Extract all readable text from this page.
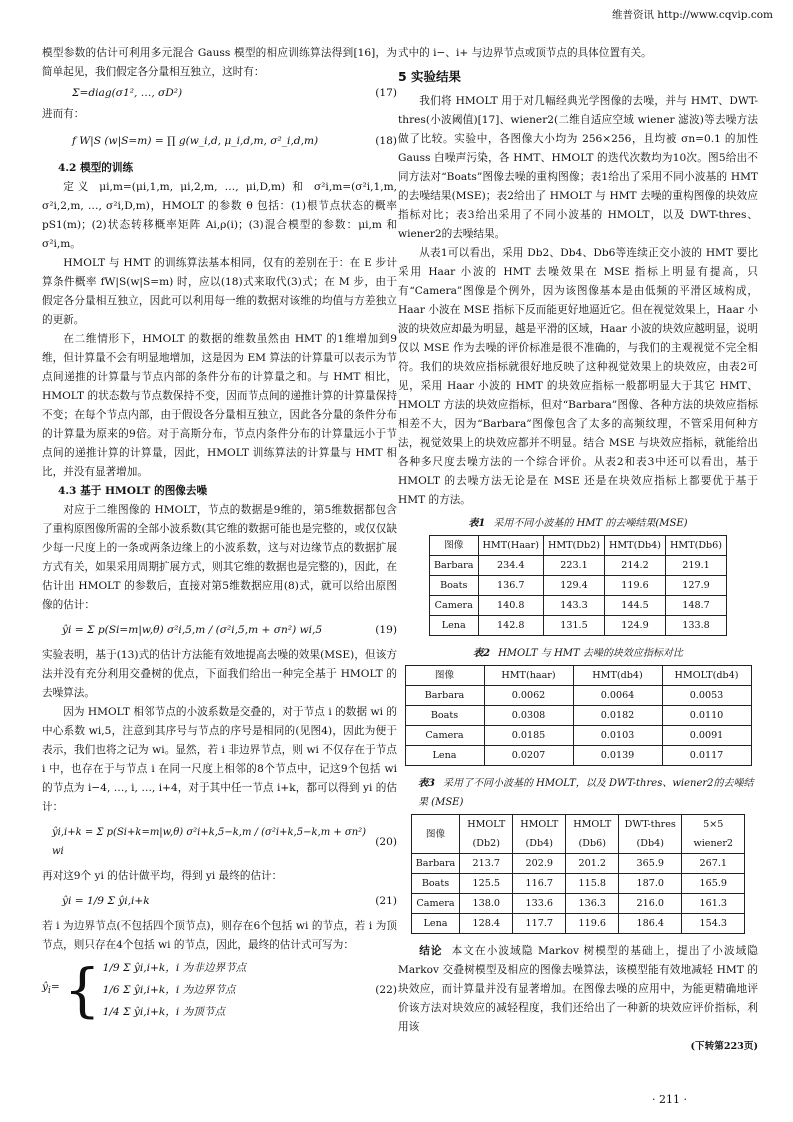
维普资讯 http://www.cqvip.com

模型参数的估计可利用多元混合 Gauss 模型的相应训练算法得到[16]，为简单起见，我们假定各分量相互独立，这时有：

Σ=diag(σ1², …, σD²)	(17)

进而有：

f W|S (w|S=m) = ∏ g(w_i,d, μ_i,d,m, σ²_i,d,m)	(18)

4.2 模型的训练

定义 μi,m=(μi,1,m, μi,2,m, …, μi,D,m) 和 σ²i,m=(σ²i,1,m, σ²i,2,m, …, σ²i,D,m)，HMOLT 的参数 θ 包括：(1)根节点状态的概率 pS1(m)；(2)状态转移概率矩阵 Ai,ρ(i)；(3)混合模型的参数：μi,m 和 σ²i,m。

HMOLT 与 HMT 的训练算法基本相同，仅有的差别在于：在 E 步计算条件概率 fW|S(w|S=m) 时，应以(18)式来取代(3)式；在 M 步，由于假定各分量相互独立，因此可以利用每一维的数据对该维的均值与方差独立的更新。

在二维情形下，HMOLT 的数据的维数虽然由 HMT 的1维增加到9维，但计算量不会有明显地增加，这是因为 EM 算法的计算量可以表示为节点间递推的计算量与节点内部的条件分布的计算量之和。与 HMT 相比，HMOLT 的状态数与节点数保持不变，因而节点间的递推计算的计算量保持不变；在每个节点内部，由于假设各分量相互独立，因此各分量的条件分布的计算量为原来的9倍。对于高斯分布，节点内条件分布的计算量远小于节点间的递推计算的计算量，因此，HMOLT 训练算法的计算量与 HMT 相比，并没有显著增加。

4.3 基于 HMOLT 的图像去噪

对应于二维图像的 HMOLT，节点的数据是9维的，第5维数据都包含了重构原图像所需的全部小波系数(其它维的数据可能也是完整的，或仅仅缺少每一尺度上的一条或两条边缘上的小波系数，这与对边缘节点的数据扩展方式有关，如果采用周期扩展方式，则其它维的数据也是完整的)，因此，在估计出 HMOLT 的参数后，直接对第5维数据应用(8)式，就可以给出原图像的估计：

ŷi = Σ p(Si=m|w,θ) σ²i,5,m / (σ²i,5,m + σn²) wi,5	(19)

实验表明，基于(13)式的估计方法能有效地提高去噪的效果(MSE)，但该方法并没有充分利用交叠树的优点，下面我们给出一种完全基于 HMOLT 的去噪算法。

因为 HMOLT 相邻节点的小波系数是交叠的，对于节点 i 的数据 wi 的中心系数 wi,5，注意到其序号与节点的序号是相同的(见图4)，因此为便于表示，我们也将之记为 wi。显然，若 i 非边界节点，则 wi 不仅存在于节点 i 中，也存在于与节点 i 在同一尺度上相邻的8个节点中，记这9个包括 wi 的节点为 i−4, …, i, …, i+4，对于其中任一节点 i+k，都可以得到 yi 的估计：

ŷi,i+k = Σ p(Si+k=m|w,θ) σ²i+k,5−k,m / (σ²i+k,5−k,m + σn²) wi
(20)

再对这9个 yi 的估计做平均，得到 yi 最终的估计：

ŷi = 1/9 Σ ŷi,i+k	(21)

若 i 为边界节点(不包括四个顶节点)，则存在6个包括 wi 的节点，若 i 为顶节点，则只存在4个包括 wi 的节点，因此，最终的估计式可写为：

$ŷ_i=$ { 1/9 Σ ŷi,i+k，i 为非边界节点
1/6 Σ ŷi,i+k，i 为边界节点
1/4 Σ ŷi,i+k，i 为顶节点
(22)

式中的 i−、i+ 与边界节点或顶节点的具体位置有关。

5 实验结果

我们将 HMOLT 用于对几幅经典光学图像的去噪，并与 HMT、DWT-thres(小波阈值)[17]、wiener2(二维自适应空域 wiener 滤波)等去噪方法做了比较。实验中，各图像大小均为 256×256，且均被 σn=0.1 的加性 Gauss 白噪声污染，各 HMT、HMOLT 的迭代次数均为10次。图5给出不同方法对“Boats”图像去噪的重构图像；表1给出了采用不同小波基的 HMT 的去噪结果(MSE)；表2给出了 HMOLT 与 HMT 去噪的重构图像的块效应指标对比；表3给出采用了不同小波基的 HMOLT，以及 DWT-thres、wiener2的去噪结果。

从表1可以看出，采用 Db2、Db4、Db6等连续正交小波的 HMT 要比采用 Haar 小波的 HMT 去噪效果在 MSE 指标上明显有提高，只有“Camera”图像是个例外，因为该图像基本是由低频的平滑区域构成，Haar 小波在 MSE 指标下反而能更好地逼近它。但在视觉效果上，Haar 小波的块效应却最为明显，越是平滑的区域，Haar 小波的块效应越明显，说明仅以 MSE 作为去噪的评价标准是很不准确的，与我们的主观视觉不完全相符。我们的块效应指标就很好地反映了这种视觉效果上的块效应，由表2可见，采用 Haar 小波的 HMT 的块效应指标一般都明显大于其它 HMT、HMOLT 方法的块效应指标，但对“Barbara”图像、各种方法的块效应指标相差不大，因为“Barbara”图像包含了太多的高频纹理，不管采用何种方法，视觉效果上的块效应都并不明显。结合 MSE 与块效应指标，就能给出各种多尺度去噪方法的一个综合评价。从表2和表3中还可以看出，基于 HMOLT 的去噪方法无论是在 MSE 还是在块效应指标上都要优于基于 HMT 的方法。

表1 采用不同小波基的 HMT 的去噪结果(MSE)
图像	HMT(Haar)	HMT(Db2)	HMT(Db4)	HMT(Db6)
Barbara	234.4	223.1	214.2	219.1
Boats	136.7	129.4	119.6	127.9
Camera	140.8	143.3	144.5	148.7
Lena	142.8	131.5	124.9	133.8
表2 HMOLT 与 HMT 去噪的块效应指标对比
图像	HMT(haar)	HMT(db4)	HMOLT(db4)
Barbara	0.0062	0.0064	0.0053
Boats	0.0308	0.0182	0.0110
Camera	0.0185	0.0103	0.0091
Lena	0.0207	0.0139	0.0117
表3 采用了不同小波基的 HMOLT，以及 DWT-thres、wiener2的去噪结果 (MSE)
图像	HMOLT (Db2)	HMOLT (Db4)	HMOLT (Db6)	DWT-thres (Db4)	5×5 wiener2
Barbara	213.7	202.9	201.2	365.9	267.1
Boats	125.5	116.7	115.8	187.0	165.9
Camera	138.0	133.6	136.3	216.0	161.3
Lena	128.4	117.7	119.6	186.4	154.3

结论 本文在小波域隐 Markov 树模型的基础上，提出了小波域隐 Markov 交叠树模型及相应的图像去噪算法，该模型能有效地减轻 HMT 的块效应，而计算量并没有显著增加。在图像去噪的应用中，为能更精确地评价该方法对块效应的减轻程度，我们还给出了一种新的块效应评价指标，利用该

(下转第223页)

· 211 ·
